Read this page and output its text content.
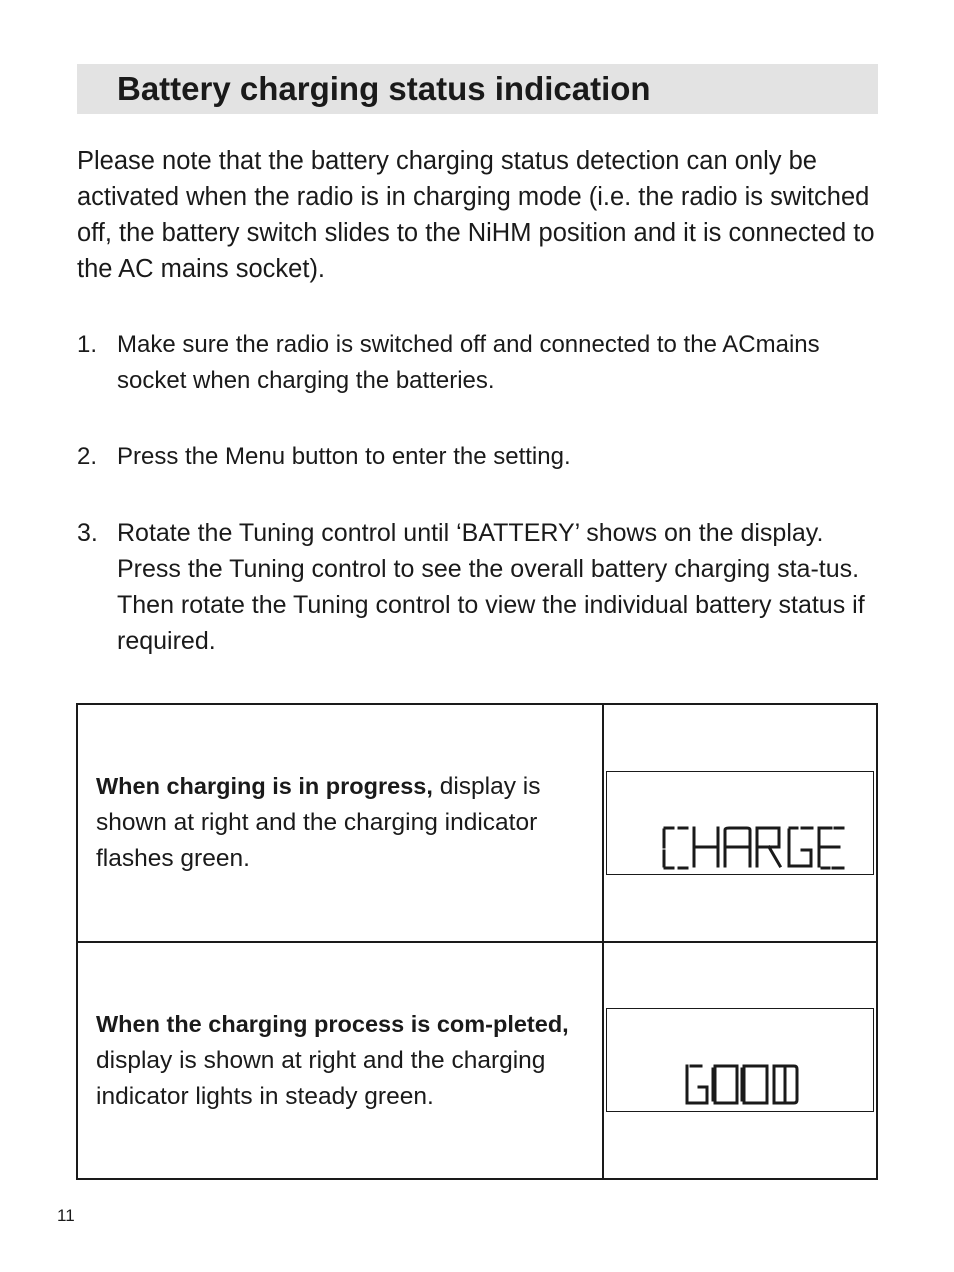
Battery charging status indication

Please note that the battery charging status detection can only be activated when the radio is in charging mode (i.e. the radio is switched off, the battery switch slides to the NiHM position and it is connected to the AC mains socket).

1. Make sure the radio is switched off and connected to the ACmains socket when charging the batteries.
2. Press the Menu button to enter the setting.
3. Rotate the Tuning control until ‘BATTERY’ shows on the display. Press the Tuning control to see the overall battery charging sta-tus. Then rotate the Tuning control to view the individual battery status if required.
When charging is in progress, display is shown at right and the charging indicator flashes green.	CHARGE

When the charging process is com-pleted, display is shown at right and the charging indicator lights in steady green.	GOOD
11
